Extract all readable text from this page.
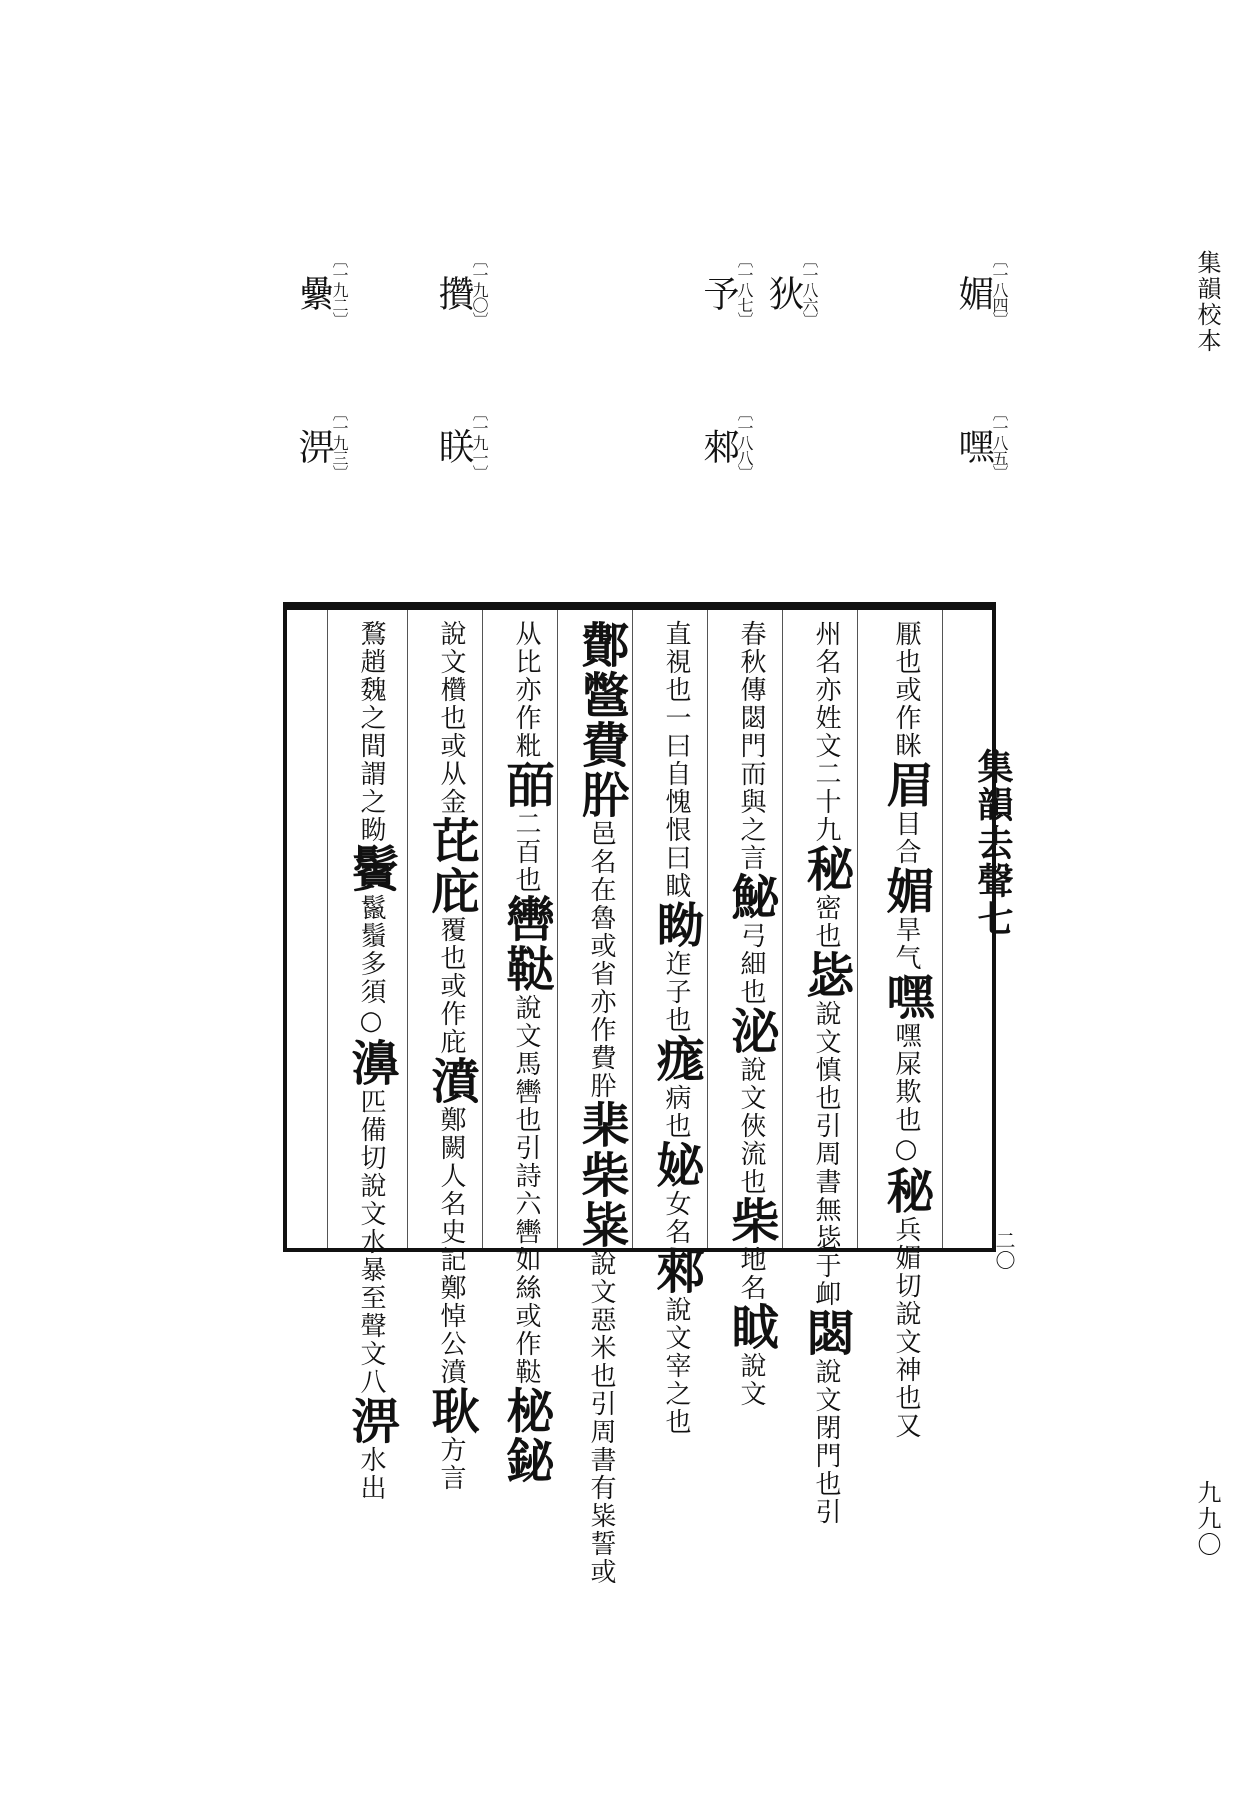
集韻校本
九九〇
〔一八四〕
媚
〔一八五〕
嘿
〔一八六〕
狄
〔一八七〕
予
〔一八八〕
郲
〔一九〇〕
攢
〔一九一〕
眹
〔一九二〕
纍
〔一九三〕
淠
厭也或作眯眉目合媚旱气嘿嘿屎欺也○秘兵媚切說文神也又
州名亦姓文二十九秘密也毖說文慎也引周書無毖于卹閟說文閉門也引
春秋傳閟門而與之言鮅弓細也泌說文俠流也柴地名眓說文
直視也一曰自愧恨曰眓眑迮子也痝病也妼女名郲說文宰之也
鄪鄨費肸邑名在魯或省亦作費肸棐柴粊說文惡米也引周書有粊誓或
从比亦作粃皕二百也轡鞑說文馬轡也引詩六轡如絲或作鞑柲鉍
說文欑也或从金芘庇覆也或作庇濆鄭闕人名史記鄭悼公濆耿方言
鶩趙魏之間謂之眑鬢鬣鬚多須○濞匹備切說文水暴至聲文八淠水出
集韻去聲七
二〇
